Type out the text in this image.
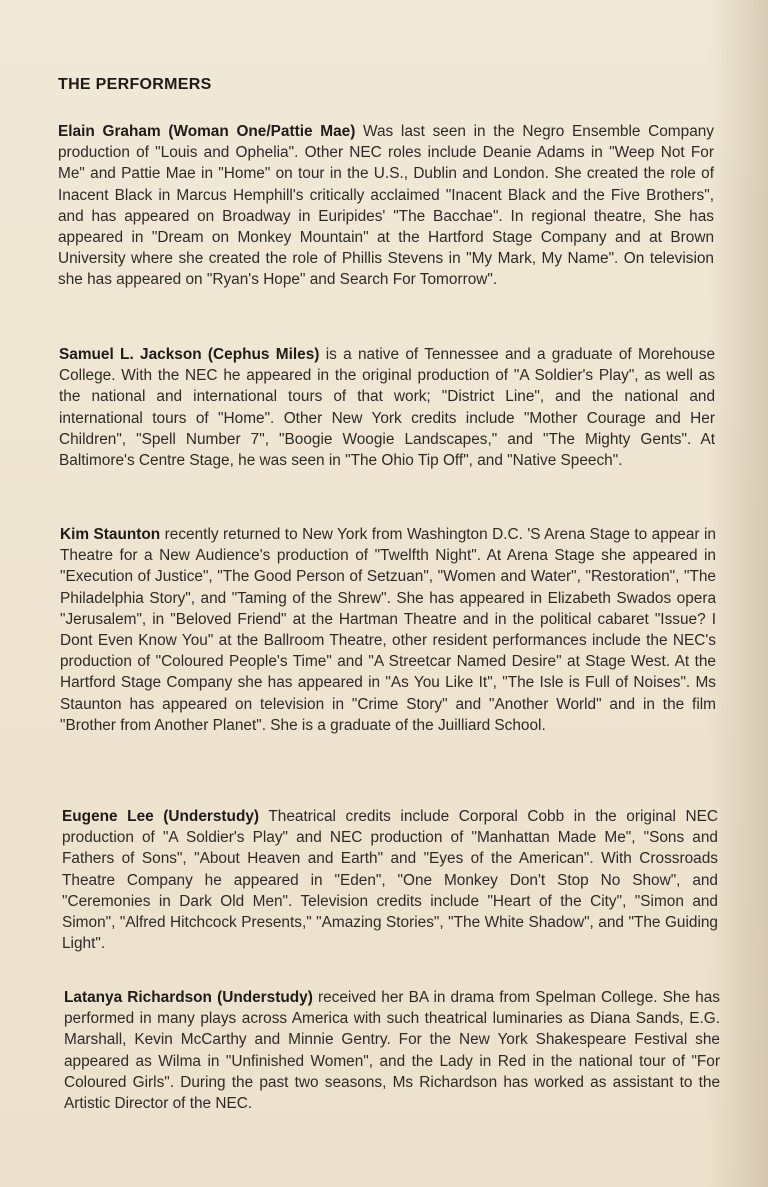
THE PERFORMERS

Elain Graham (Woman One/Pattie Mae) Was last seen in the Negro Ensemble Company production of "Louis and Ophelia". Other NEC roles include Deanie Adams in "Weep Not For Me" and Pattie Mae in "Home" on tour in the U.S., Dublin and London. She created the role of Inacent Black in Marcus Hemphill's critically acclaimed "Inacent Black and the Five Brothers", and has appeared on Broadway in Euripides' "The Bacchae". In regional theatre, She has appeared in "Dream on Monkey Mountain" at the Hartford Stage Company and at Brown University where she created the role of Phillis Stevens in "My Mark, My Name". On television she has appeared on "Ryan's Hope" and Search For Tomorrow".

Samuel L. Jackson (Cephus Miles) is a native of Tennessee and a graduate of Morehouse College. With the NEC he appeared in the original production of "A Soldier's Play", as well as the national and international tours of that work; "District Line", and the national and international tours of "Home". Other New York credits include "Mother Courage and Her Children", "Spell Number 7", "Boogie Woogie Landscapes," and "The Mighty Gents". At Baltimore's Centre Stage, he was seen in "The Ohio Tip Off", and "Native Speech".

Kim Staunton recently returned to New York from Washington D.C. 'S Arena Stage to appear in Theatre for a New Audience's production of "Twelfth Night". At Arena Stage she appeared in "Execution of Justice", "The Good Person of Setzuan", "Women and Water", "Restoration", "The Philadelphia Story", and "Taming of the Shrew". She has appeared in Elizabeth Swados opera "Jerusalem", in "Beloved Friend" at the Hartman Theatre and in the political cabaret "Issue? I Dont Even Know You" at the Ballroom Theatre, other resident performances include the NEC's production of "Coloured People's Time" and "A Streetcar Named Desire" at Stage West. At the Hartford Stage Company she has appeared in "As You Like It", "The Isle is Full of Noises". Ms Staunton has appeared on television in "Crime Story" and "Another World" and in the film "Brother from Another Planet". She is a graduate of the Juilliard School.

Eugene Lee (Understudy) Theatrical credits include Corporal Cobb in the original NEC production of "A Soldier's Play" and NEC production of "Manhattan Made Me", "Sons and Fathers of Sons", "About Heaven and Earth" and "Eyes of the American". With Crossroads Theatre Company he appeared in "Eden", "One Monkey Don't Stop No Show", and "Ceremonies in Dark Old Men". Television credits include "Heart of the City", "Simon and Simon", "Alfred Hitchcock Presents," "Amazing Stories", "The White Shadow", and "The Guiding Light".

Latanya Richardson (Understudy) received her BA in drama from Spelman College. She has performed in many plays across America with such theatrical luminaries as Diana Sands, E.G. Marshall, Kevin McCarthy and Minnie Gentry. For the New York Shakespeare Festival she appeared as Wilma in "Unfinished Women", and the Lady in Red in the national tour of "For Coloured Girls". During the past two seasons, Ms Richardson has worked as assistant to the Artistic Director of the NEC.
